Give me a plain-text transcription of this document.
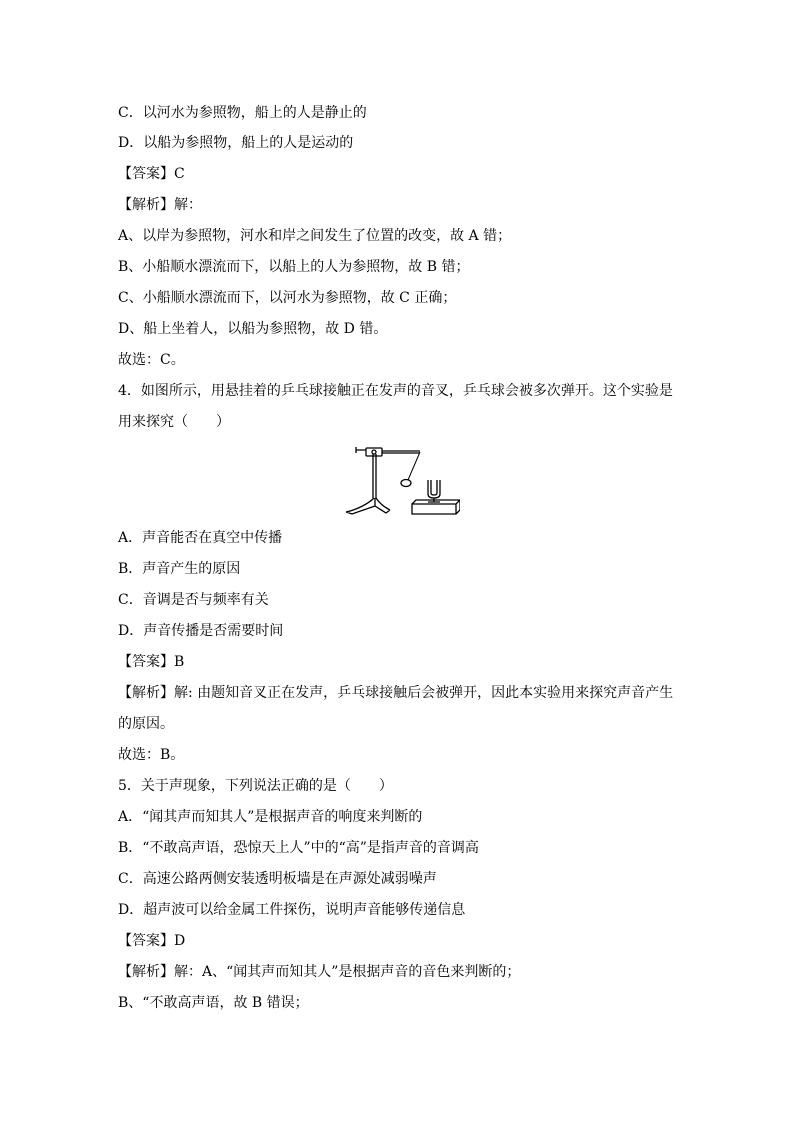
C．以河水为参照物，船上的人是静止的
D．以船为参照物，船上的人是运动的
【答案】C
【解析】解：
A、以岸为参照物，河水和岸之间发生了位置的改变，故 A 错；
B、小船顺水漂流而下，以船上的人为参照物，故 B 错；
C、小船顺水漂流而下，以河水为参照物，故 C 正确；
D、船上坐着人，以船为参照物，故 D 错。
故选：C。
4．如图所示，用悬挂着的乒乓球接触正在发声的音叉，乒乓球会被多次弹开。这个实验是
用来探究（　　）
A．声音能否在真空中传播
B．声音产生的原因
C．音调是否与频率有关
D．声音传播是否需要时间
【答案】B
【解析】解: 由题知音叉正在发声，乒乓球接触后会被弹开，因此本实验用来探究声音产生
的原因。
故选：B。
5．关于声现象，下列说法正确的是（　　）
A．“闻其声而知其人”是根据声音的响度来判断的
B．“不敢高声语，恐惊天上人”中的“高”是指声音的音调高
C．高速公路两侧安装透明板墙是在声源处减弱噪声
D．超声波可以给金属工件探伤，说明声音能够传递信息
【答案】D
【解析】解：A、“闻其声而知其人”是根据声音的音色来判断的；
B、“不敢高声语，故 B 错误；
